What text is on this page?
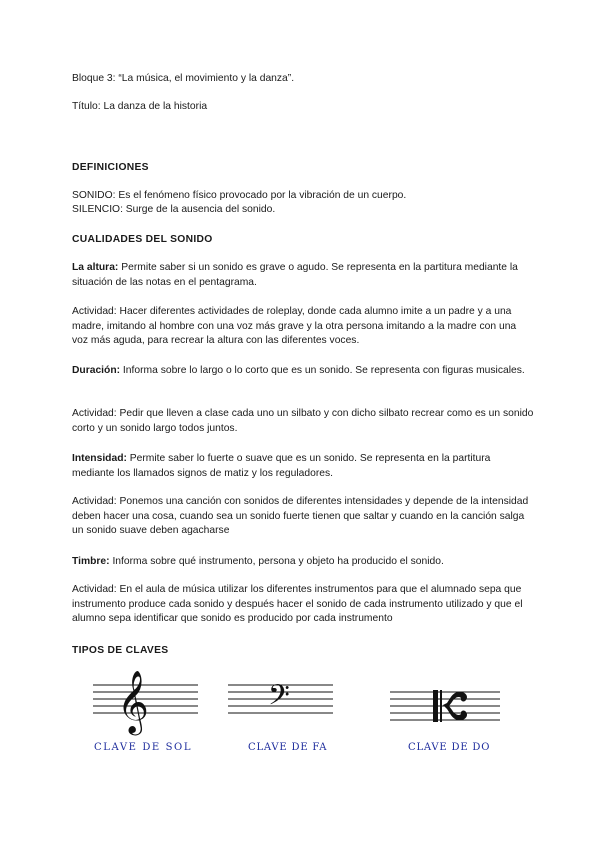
Bloque 3: “La música, el movimiento y la danza”.
Título: La danza de la historia
DEFINICIONES
SONIDO: Es el fenómeno físico provocado por la vibración de un cuerpo.
SILENCIO: Surge de la ausencia del sonido.
CUALIDADES DEL SONIDO
La altura: Permite saber si un sonido es grave o agudo. Se representa en la partitura mediante la situación de las notas en el pentagrama.
Actividad: Hacer diferentes actividades de roleplay, donde cada alumno imite a un padre y a una madre, imitando al hombre con una voz más grave y la otra persona imitando a la madre con una voz más aguda, para recrear la altura con las diferentes voces.
Duración: Informa sobre lo largo o lo corto que es un sonido. Se representa con figuras musicales.
Actividad: Pedir que lleven a clase cada uno un silbato y con dicho silbato recrear como es un sonido corto y un sonido largo todos juntos.
Intensidad: Permite saber lo fuerte o suave que es un sonido. Se representa en la partitura mediante los llamados signos de matiz y los reguladores.
Actividad: Ponemos una canción con sonidos de diferentes intensidades y depende de la intensidad deben hacer una cosa, cuando sea un sonido fuerte tienen que saltar y cuando en la canción salga un sonido suave deben agacharse
Timbre: Informa sobre qué instrumento, persona y objeto ha producido el sonido.
Actividad: En el aula de música utilizar los diferentes instrumentos para que el alumnado sepa que instrumento produce cada sonido y después hacer el sonido de cada instrumento utilizado y que el alumno sepa identificar que sonido es producido por cada instrumento
TIPOS DE CLAVES
𝄞	𝄢
CLAVE DE SOL	CLAVE DE FA	CLAVE DE DO
